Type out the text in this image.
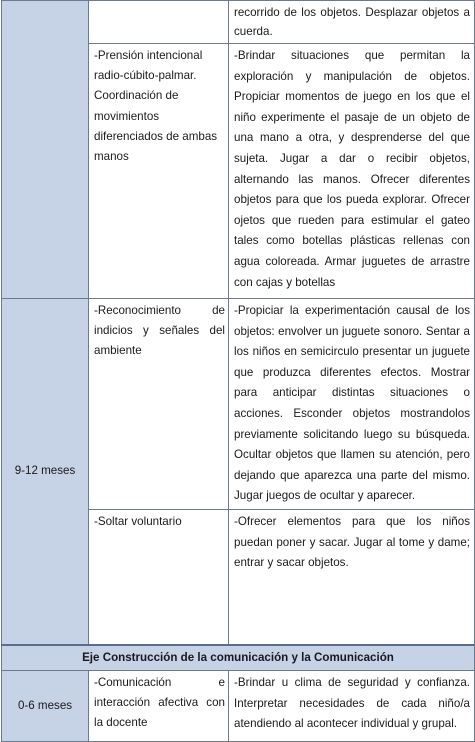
		recorrido de los objetos. Desplazar objetos a
cuerda.

	-Prensión intencional radio-cúbito-palmar. Coordinación de movimientos diferenciados de ambas manos	-Brindar situaciones que permitan la exploración y manipulación de objetos. Propiciar momentos de juego en los que el niño experimente el pasaje de un objeto de una mano a otra, y desprenderse del que sujeta. Jugar a dar o recibir objetos, alternando las manos. Ofrecer diferentes objetos para que los pueda explorar. Ofrecer ojetos que rueden para estimular el gateo tales como botellas plásticas rellenas con agua coloreada. Armar juguetes de arrastre con cajas y botellas

9-12 meses	-Reconocimiento de indicios y señales del ambiente	-Propiciar la experimentación causal de los objetos: envolver un juguete sonoro. Sentar a los niños en semicirculo presentar un juguete que produzca diferentes efectos. Mostrar para anticipar distintas situaciones o acciones. Esconder objetos mostrandolos previamente solicitando luego su búsqueda. Ocultar objetos que llamen su atención, pero dejando que aparezca una parte del mismo. Jugar juegos de ocultar y aparecer.

	-Soltar voluntario	-Ofrecer elementos para que los niños puedan poner y sacar. Jugar al tome y dame; entrar y sacar objetos.

Eje Construcción de la comunicación y la Comunicación		

0-6 meses	-Comunicación e interacción afectiva con la docente	-Brindar u clima de seguridad y confianza. Interpretar necesidades de cada niño/a atendiendo al acontecer individual y grupal.
